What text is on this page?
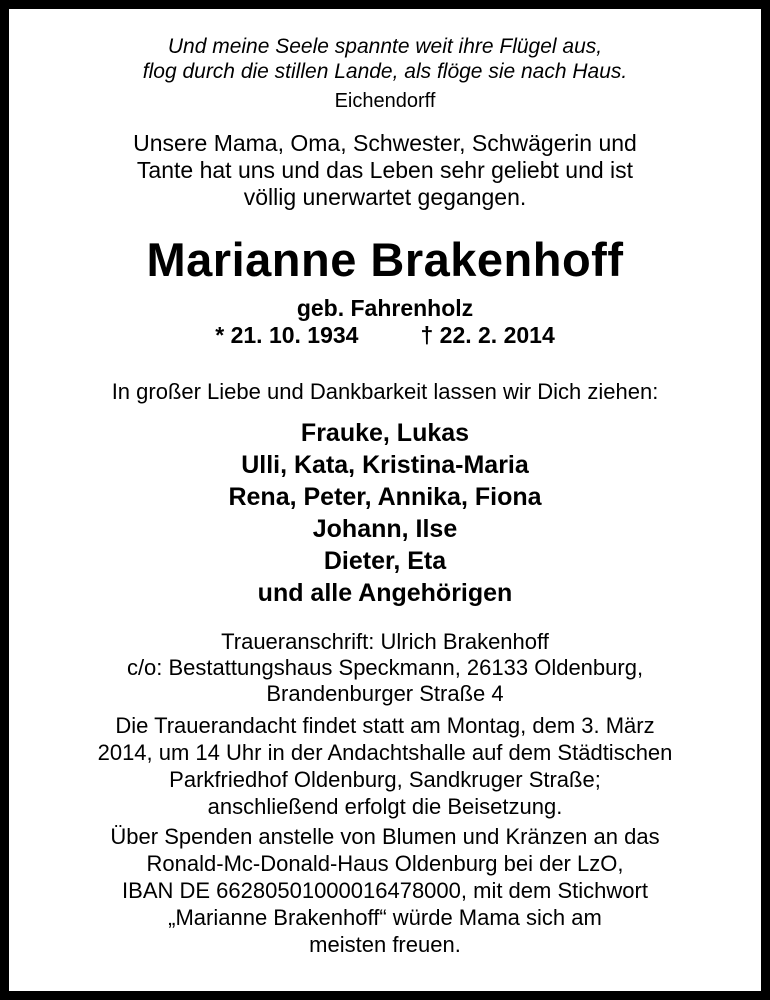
Und meine Seele spannte weit ihre Flügel aus,
flog durch die stillen Lande, als flöge sie nach Haus.
Eichendorff
Unsere Mama, Oma, Schwester, Schwägerin und
Tante hat uns und das Leben sehr geliebt und ist
völlig unerwartet gegangen.
Marianne Brakenhoff
geb. Fahrenholz
* 21. 10. 1934	† 22. 2. 2014
In großer Liebe und Dankbarkeit lassen wir Dich ziehen:
Frauke, Lukas
Ulli, Kata, Kristina-Maria
Rena, Peter, Annika, Fiona
Johann, Ilse
Dieter, Eta
und alle Angehörigen
Traueranschrift: Ulrich Brakenhoff
c/o: Bestattungshaus Speckmann, 26133 Oldenburg,
Brandenburger Straße 4
Die Trauerandacht findet statt am Montag, dem 3. März
2014, um 14 Uhr in der Andachtshalle auf dem Städtischen
Parkfriedhof Oldenburg, Sandkruger Straße;
anschließend erfolgt die Beisetzung.
Über Spenden anstelle von Blumen und Kränzen an das
Ronald-Mc-Donald-Haus Oldenburg bei der LzO,
IBAN DE 66280501000016478000, mit dem Stichwort
„Marianne Brakenhoff“ würde Mama sich am
meisten freuen.
